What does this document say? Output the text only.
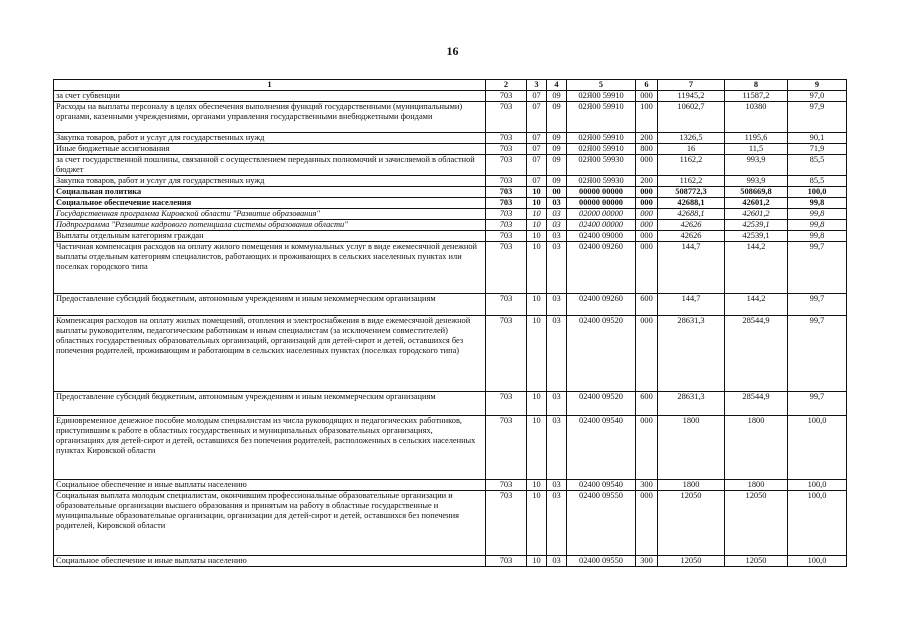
16
1	2	3	4	5	6	7	8	9
за счет субвенции	703	07	09	02Я00 59910	000	11945,2	11587,2	97,0
Расходы на выплаты персоналу в целях обеспечения выполнения функций государственными (муниципальными) органами, казенными учреждениями, органами управления государственными внебюджетными фондами	703	07	09	02Я00 59910	100	10602,7	10380	97,9
Закупка товаров, работ и услуг для государственных нужд	703	07	09	02Я00 59910	200	1326,5	1195,6	90,1
Иные бюджетные ассигнования	703	07	09	02Я00 59910	800	16	11,5	71,9
за счет государственной пошлины, связанной с осуществлением переданных полномочий и зачисляемой в областной бюджет	703	07	09	02Я00 59930	000	1162,2	993,9	85,5
Закупка товаров, работ и услуг для государственных нужд	703	07	09	02Я00 59930	200	1162,2	993,9	85,5
Социальная политика	703	10	00	00000 00000	000	508772,3	508669,8	100,0
Социальное обеспечение населения	703	10	03	00000 00000	000	42688,1	42601,2	99,8
Государственная программа Кировской области "Развитие образования"	703	10	03	02000 00000	000	42688,1	42601,2	99,8
Подпрограмма "Развитие кадрового потенциала системы образования области"	703	10	03	02400 00000	000	42626	42539,1	99,8
Выплаты отдельным категориям граждан	703	10	03	02400 09000	000	42626	42539,1	99,8
Частичная компенсация расходов на оплату жилого помещения и коммунальных услуг в виде ежемесячной денежной выплаты отдельным категориям специалистов, работающих и проживающих в сельских населенных пунктах или поселках городского типа	703	10	03	02400 09260	000	144,7	144,2	99,7
Предоставление субсидий бюджетным, автономным учреждениям и иным некоммерческим организациям	703	10	03	02400 09260	600	144,7	144,2	99,7
Компенсация расходов на оплату жилых помещений, отопления и электроснабжения в виде ежемесячной денежной выплаты руководителям, педагогическим работникам и иным специалистам (за исключением совместителей) областных государственных образовательных организаций, организаций для детей-сирот и детей, оставшихся без попечения родителей, проживающим и работающим в сельских населенных пунктах (поселках городского типа)	703	10	03	02400 09520	000	28631,3	28544,9	99,7
Предоставление субсидий бюджетным, автономным учреждениям и иным некоммерческим организациям	703	10	03	02400 09520	600	28631,3	28544,9	99,7
Единовременное денежное пособие молодым специалистам из числа руководящих и педагогических работников, приступившим к работе в областных государственных и муниципальных образовательных организациях, организациях для детей-сирот и детей, оставшихся без попечения родителей, расположенных в сельских населенных пунктах Кировской области	703	10	03	02400 09540	000	1800	1800	100,0
Социальное обеспечение и иные выплаты населению	703	10	03	02400 09540	300	1800	1800	100,0
Социальная выплата молодым специалистам, окончившим профессиональные образовательные организации и образовательные организации высшего образования и принятым на работу в областные государственные и муниципальные образовательные организации, организации для детей-сирот и детей, оставшихся без попечения родителей, Кировской области	703	10	03	02400 09550	000	12050	12050	100,0
Социальное обеспечение и иные выплаты населению	703	10	03	02400 09550	300	12050	12050	100,0
